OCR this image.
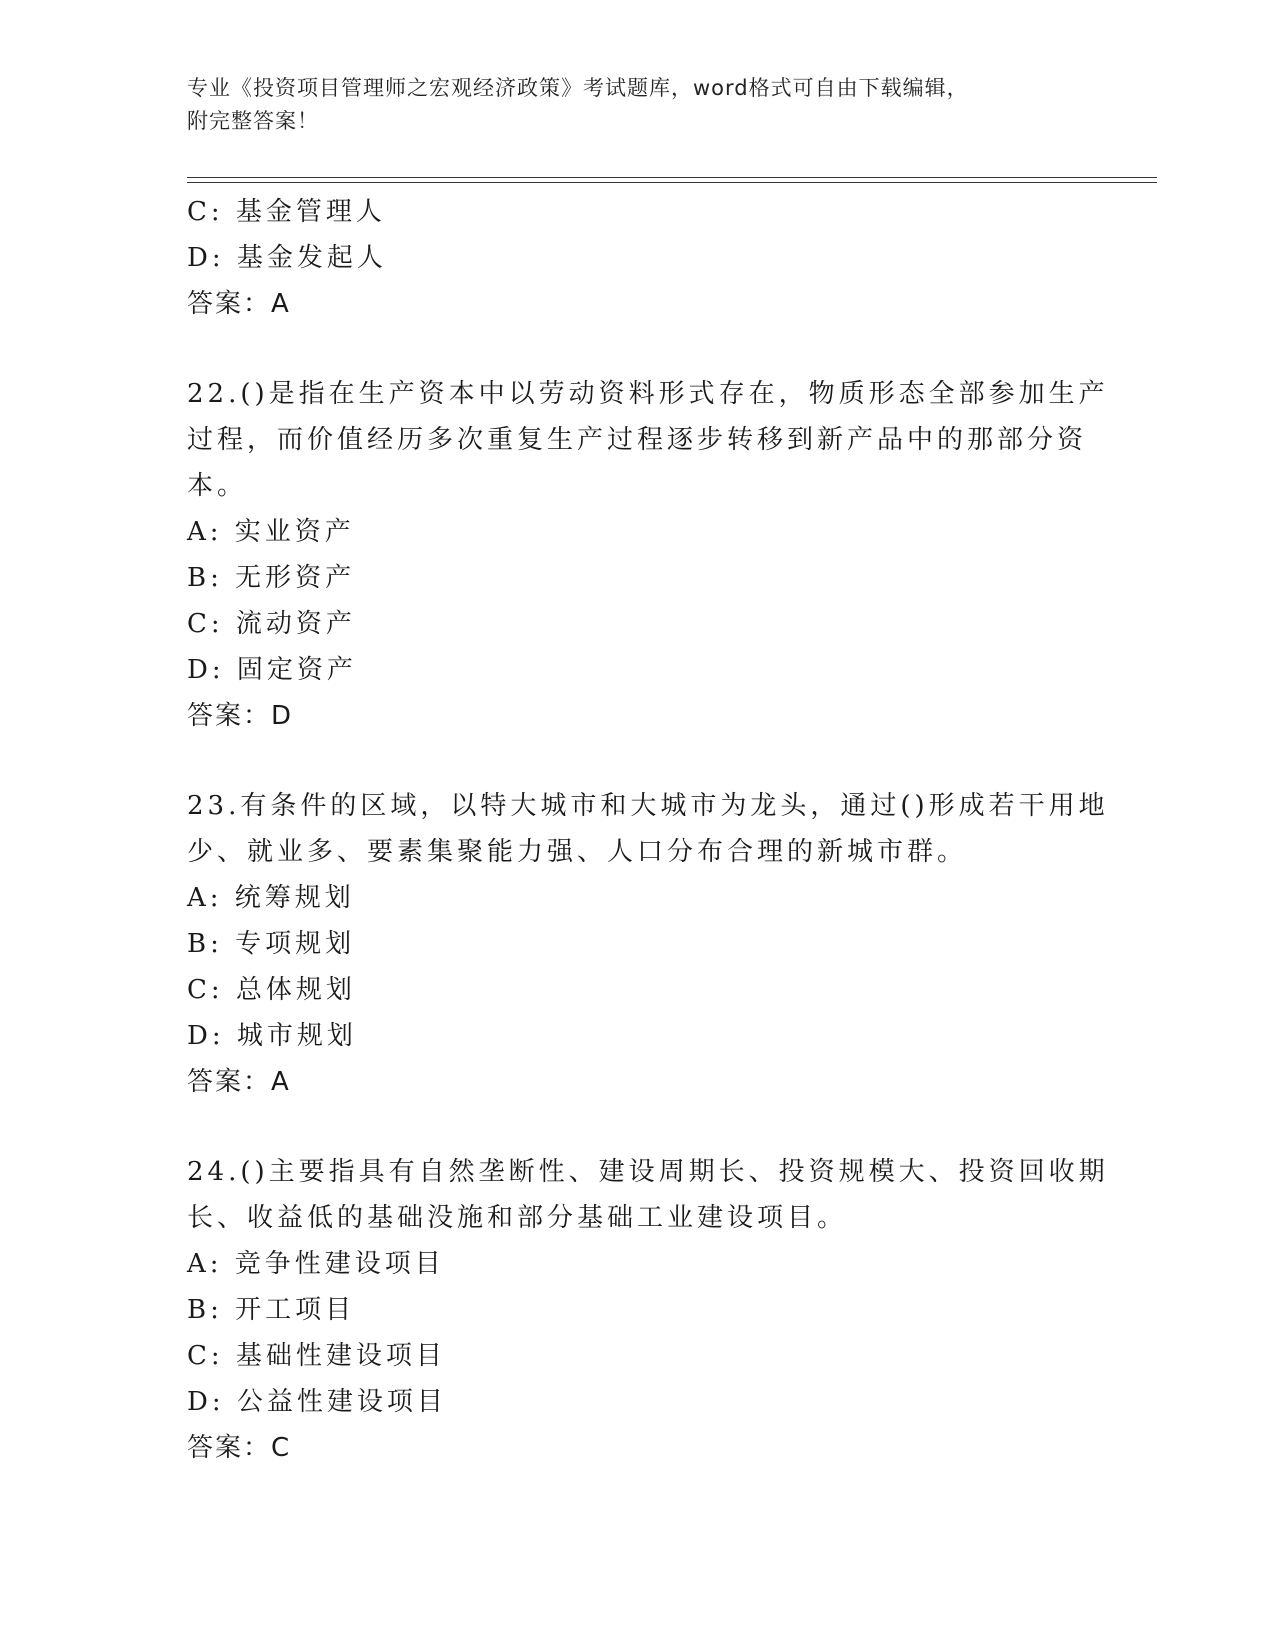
专业《投资项目管理师之宏观经济政策》考试题库，word格式可自由下载编辑，
附完整答案！
C: 基金管理人
D: 基金发起人
答案：A
22.()是指在生产资本中以劳动资料形式存在，物质形态全部参加生产
过程，而价值经历多次重复生产过程逐步转移到新产品中的那部分资
本。
A: 实业资产
B: 无形资产
C: 流动资产
D: 固定资产
答案：D
23.有条件的区域，以特大城市和大城市为龙头，通过()形成若干用地
少、就业多、要素集聚能力强、人口分布合理的新城市群。
A: 统筹规划
B: 专项规划
C: 总体规划
D: 城市规划
答案：A
24.()主要指具有自然垄断性、建设周期长、投资规模大、投资回收期
长、收益低的基础没施和部分基础工业建设项目。
A: 竞争性建设项目
B: 开工项目
C: 基础性建设项目
D: 公益性建设项目
答案：C
